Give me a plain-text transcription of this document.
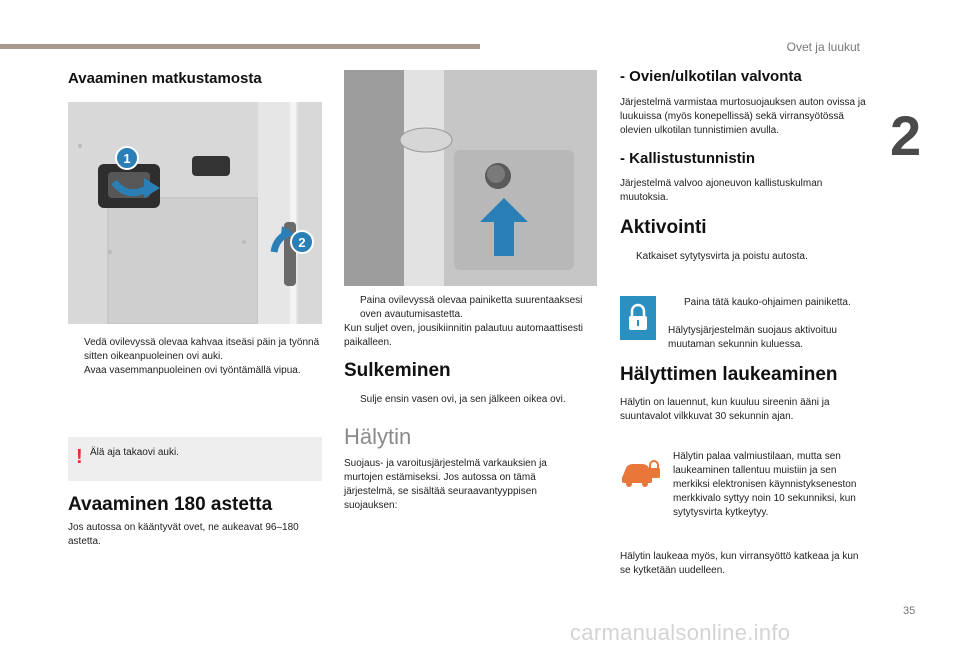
Ovet ja luukut
2
35
carmanualsonline.info
Avaaminen matkustamosta
1
2
Vedä ovilevyssä olevaa kahvaa itseäsi päin ja työnnä sitten oikeanpuoleinen ovi auki.
Avaa vasemmanpuoleinen ovi työntämällä vipua.
! Älä aja takaovi auki.
Avaaminen 180 astetta

Jos autossa on kääntyvät ovet, ne aukeavat 96–180 astetta.

Paina ovilevyssä olevaa painiketta suurentaaksesi oven avautumisastetta.

Kun suljet oven, jousikiinnitin palautuu automaattisesti paikalleen.

Sulkeminen
Sulje ensin vasen ovi, ja sen jälkeen oikea ovi.
Hälytin

Suojaus- ja varoitusjärjestelmä varkauksien ja murtojen estämiseksi. Jos autossa on tämä järjestelmä, se sisältää seuraavantyyppisen suojauksen:

- Ovien/ulkotilan valvonta

Järjestelmä varmistaa murtosuojauksen auton ovissa ja luukuissa (myös konepellissä) sekä virransyötössä olevien ulkotilan tunnistimien avulla.

- Kallistustunnistin

Järjestelmä valvoo ajoneuvon kallistuskulman muutoksia.

Aktivointi
Katkaiset sytytysvirta ja poistu autosta.
Paina tätä kauko-ohjaimen painiketta.

Hälytysjärjestelmän suojaus aktivoituu muutaman sekunnin kuluessa.

Hälyttimen laukeaminen

Hälytin on lauennut, kun kuuluu sireenin ääni ja suuntavalot vilkkuvat 30 sekunnin ajan.

Hälytin palaa valmiustilaan, mutta sen laukeaminen tallentuu muistiin ja sen merkiksi elektronisen käynnistykseneston merkkivalo syttyy noin 10 sekunniksi, kun sytytysvirta kytkeytyy.

Hälytin laukeaa myös, kun virransyöttö katkeaa ja kun se kytketään uudelleen.
